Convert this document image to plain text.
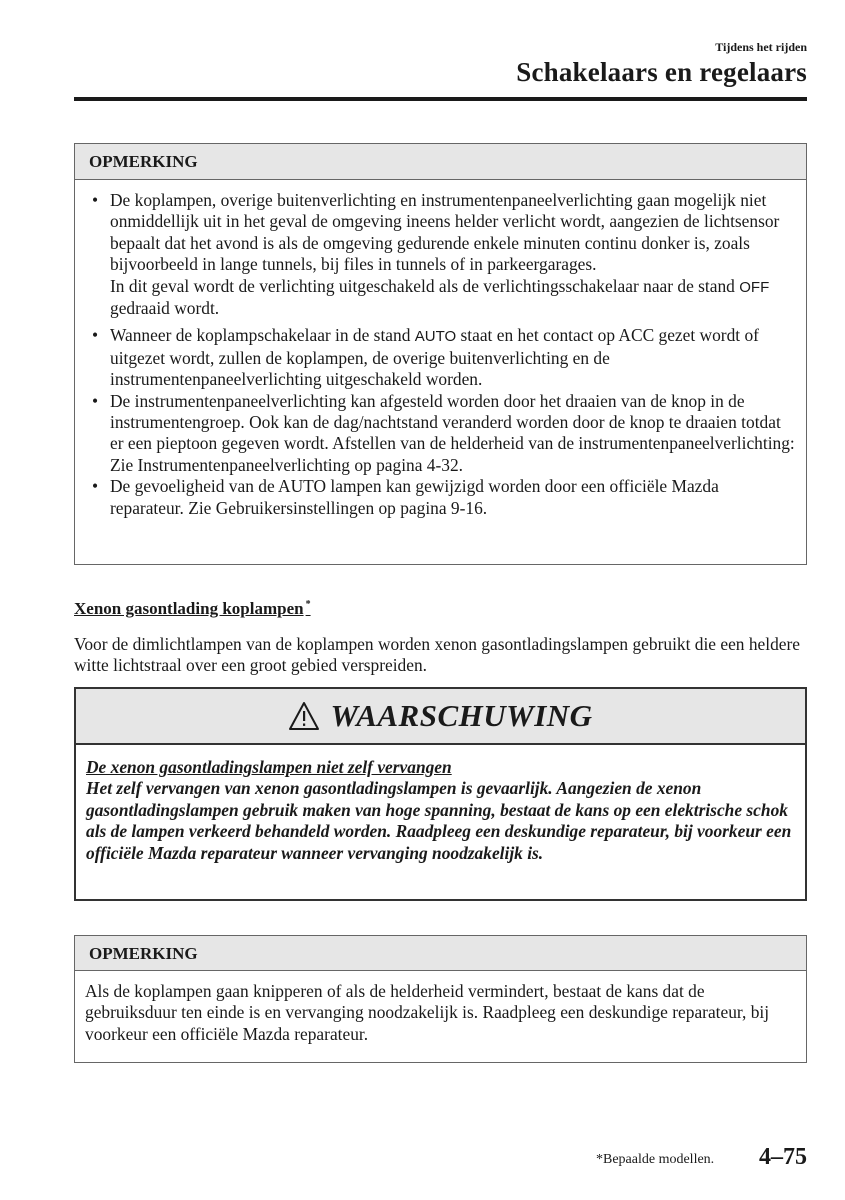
Tijdens het rijden
Schakelaars en regelaars
OPMERKING
• De koplampen, overige buitenverlichting en instrumentenpaneelverlichting gaan mogelijk niet onmiddellijk uit in het geval de omgeving ineens helder verlicht wordt, aangezien de lichtsensor bepaalt dat het avond is als de omgeving gedurende enkele minuten continu donker is, zoals bijvoorbeeld in lange tunnels, bij files in tunnels of in parkeergarages.
In dit geval wordt de verlichting uitgeschakeld als de verlichtingsschakelaar naar de stand OFF gedraaid wordt.
• Wanneer de koplampschakelaar in de stand AUTO staat en het contact op ACC gezet wordt of uitgezet wordt, zullen de koplampen, de overige buitenverlichting en de instrumentenpaneelverlichting uitgeschakeld worden.
• De instrumentenpaneelverlichting kan afgesteld worden door het draaien van de knop in de instrumentengroep. Ook kan de dag/nachtstand veranderd worden door de knop te draaien totdat er een pieptoon gegeven wordt. Afstellen van de helderheid van de instrumentenpaneelverlichting: Zie Instrumentenpaneelverlichting op pagina 4-32.
• De gevoeligheid van de AUTO lampen kan gewijzigd worden door een officiële Mazda reparateur. Zie Gebruikersinstellingen op pagina 9-16.
Xenon gasontlading koplampen *
Voor de dimlichtlampen van de koplampen worden xenon gasontladingslampen gebruikt die een heldere witte lichtstraal over een groot gebied verspreiden.
WAARSCHUWING
De xenon gasontladingslampen niet zelf vervangen
Het zelf vervangen van xenon gasontladingslampen is gevaarlijk. Aangezien de xenon gasontladingslampen gebruik maken van hoge spanning, bestaat de kans op een elektrische schok als de lampen verkeerd behandeld worden. Raadpleeg een deskundige reparateur, bij voorkeur een officiële Mazda reparateur wanneer vervanging noodzakelijk is.
OPMERKING
Als de koplampen gaan knipperen of als de helderheid vermindert, bestaat de kans dat de gebruiksduur ten einde is en vervanging noodzakelijk is. Raadpleeg een deskundige reparateur, bij voorkeur een officiële Mazda reparateur.
*Bepaalde modellen. 4–75
